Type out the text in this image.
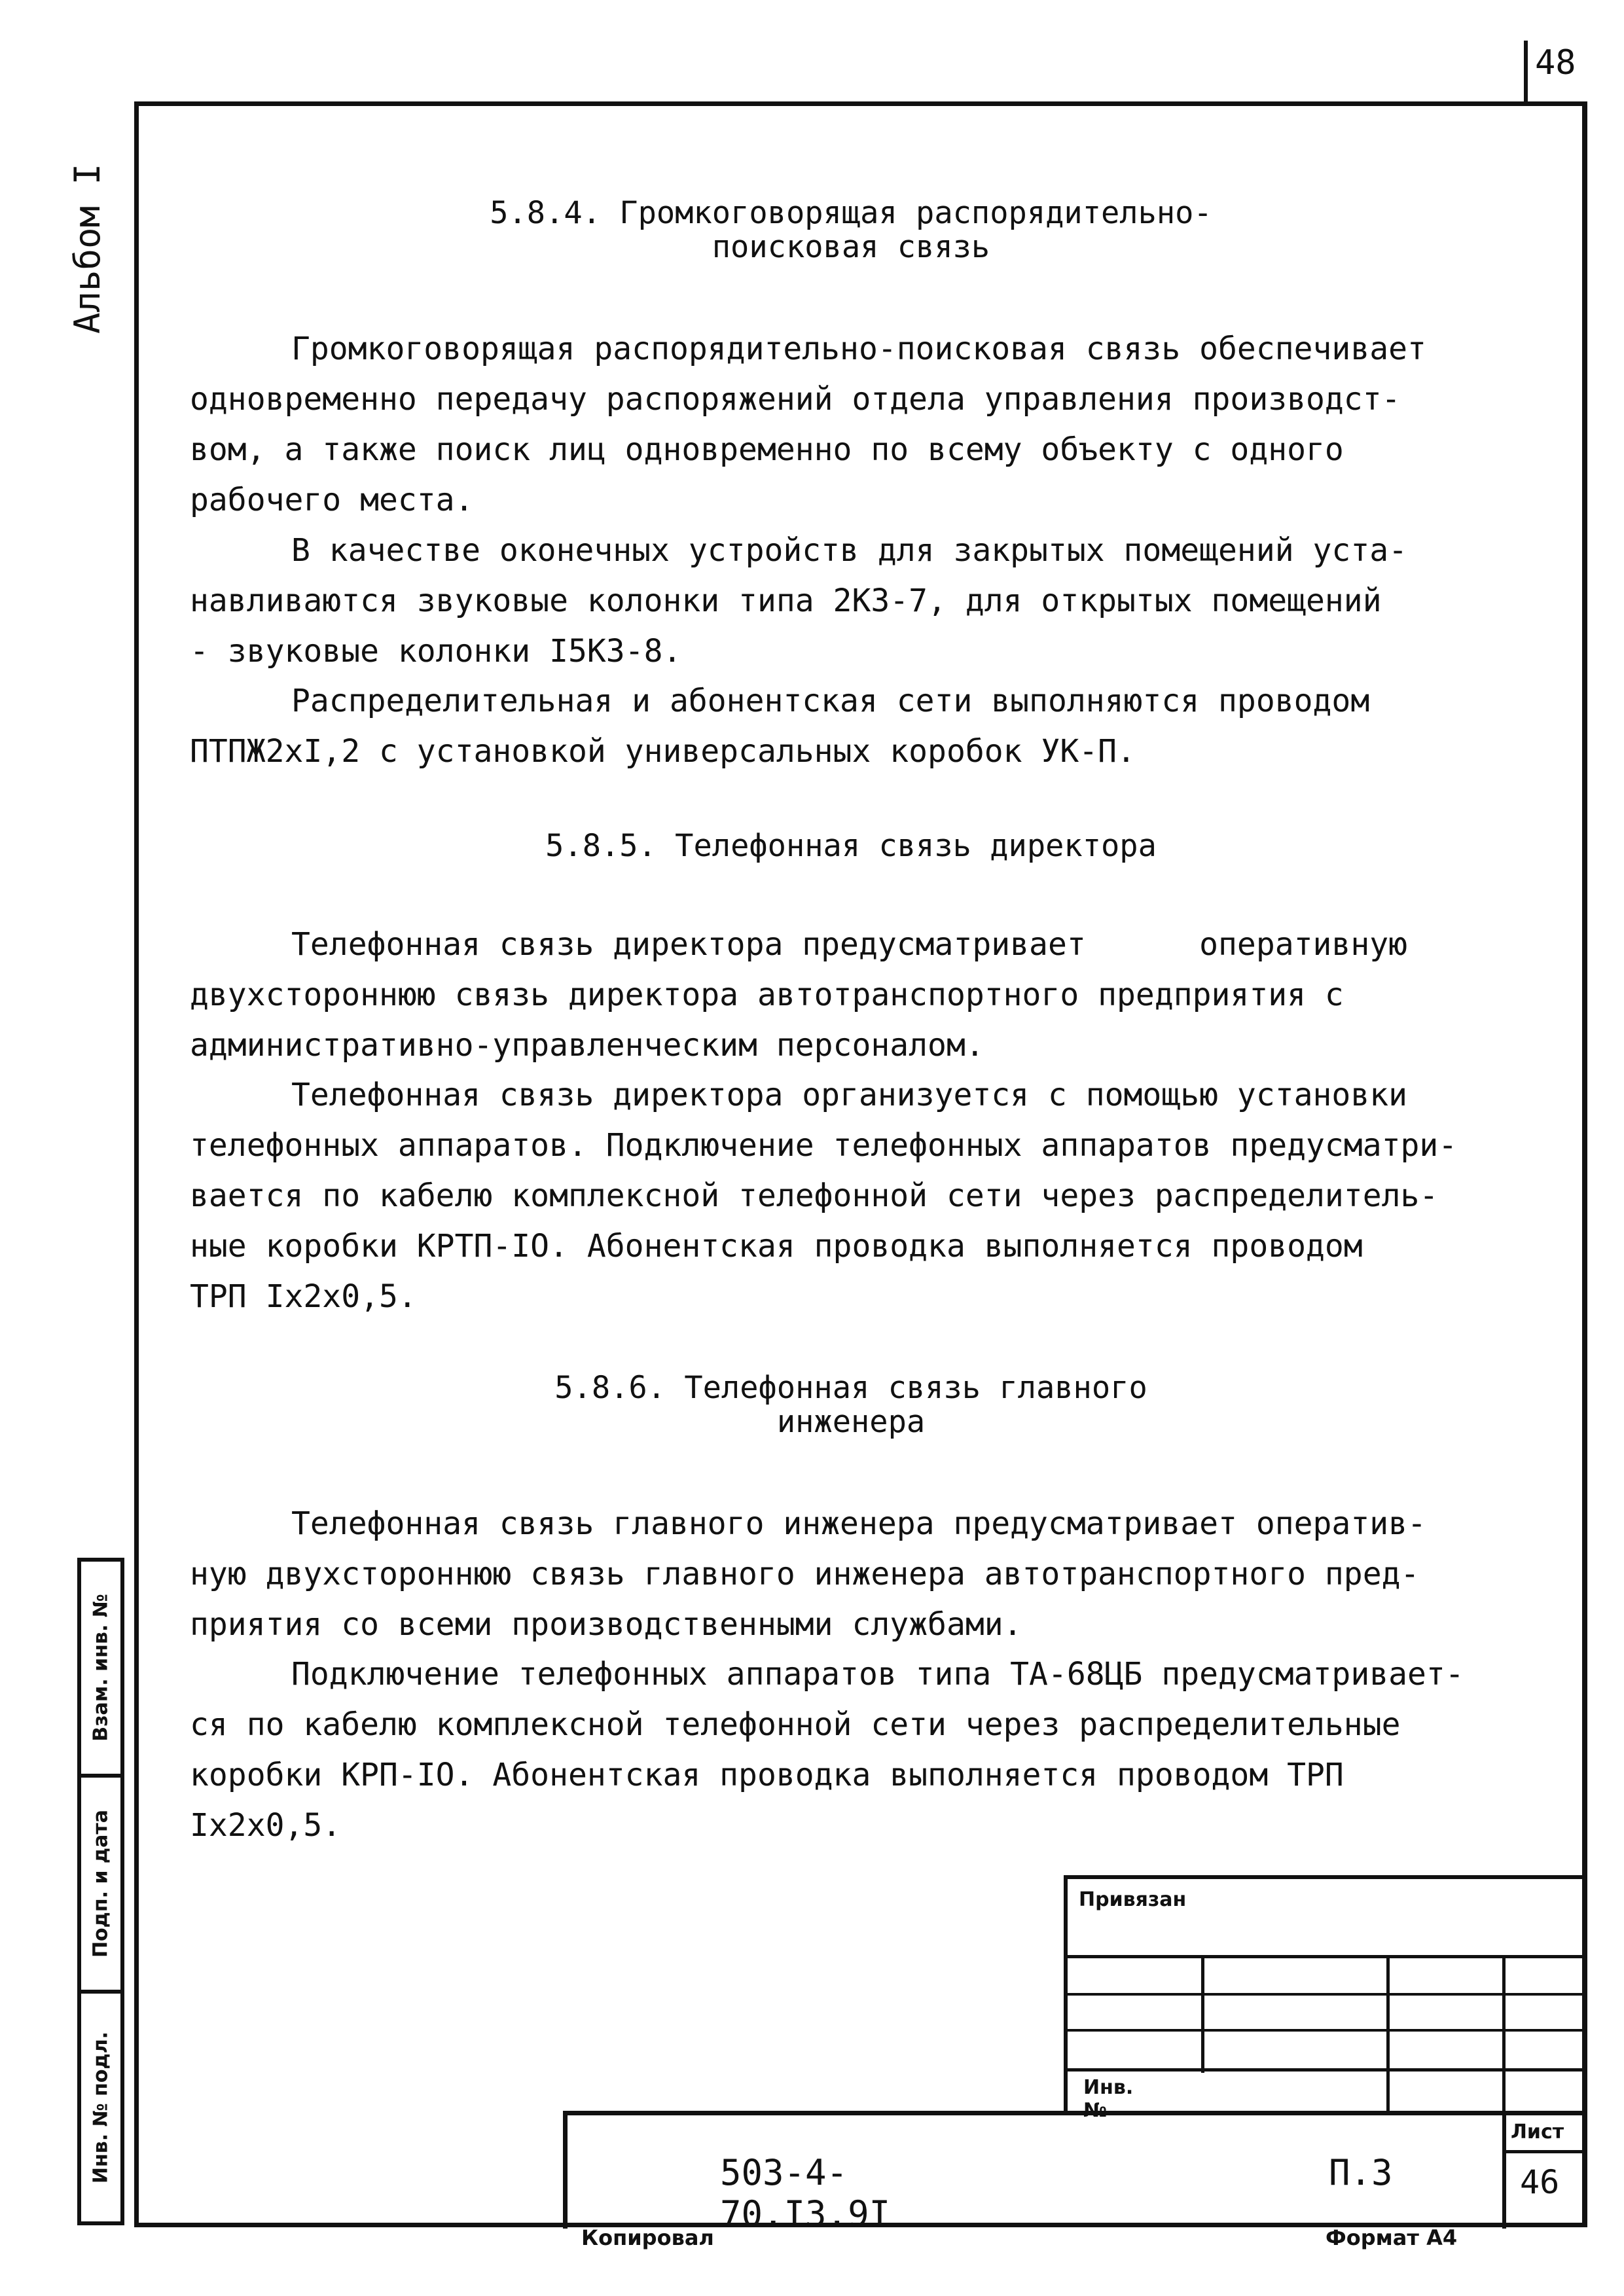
48
Альбом I
Взам. инв. №
Подп. и дата
Инв. № подл.
5.8.4. Громкоговорящая распорядительно-
поисковая связь
Громкоговорящая распорядительно-поисковая связь обеспечивает
одновременно передачу распоряжений отдела управления производст-
вом, а также поиск лиц одновременно по всему объекту с одного
рабочего места.
В качестве оконечных устройств для закрытых помещений уста-
навливаются звуковые колонки типа 2КЗ-7, для открытых помещений
- звуковые колонки I5КЗ-8.
Распределительная и абонентская сети выполняются проводом
ПТПЖ2хI,2 с установкой универсальных коробок УК-П.
5.8.5. Телефонная связь директора
Телефонная связь директора предусматривает      оперативную
двухстороннюю связь директора автотранспортного предприятия с
административно-управленческим персоналом.
Телефонная связь директора организуется с помощью установки
телефонных аппаратов. Подключение телефонных аппаратов предусматри-
вается по кабелю комплексной телефонной сети через распределитель-
ные коробки КРТП-IO. Абонентская проводка выполняется проводом
ТРП Iх2х0,5.
5.8.6. Телефонная связь главного
инженера
Телефонная связь главного инженера предусматривает оператив-
ную двухстороннюю связь главного инженера автотранспортного пред-
приятия со всеми производственными службами.
Подключение телефонных аппаратов типа ТА-68ЦБ предусматривает-
ся по кабелю комплексной телефонной сети через распределительные
коробки КРП-IO. Абонентская проводка выполняется проводом ТРП
Iх2х0,5.
Привязан
Инв. №
503-4-70.I3.9I
П.3
Лист
46
Копировал	Формат A4
